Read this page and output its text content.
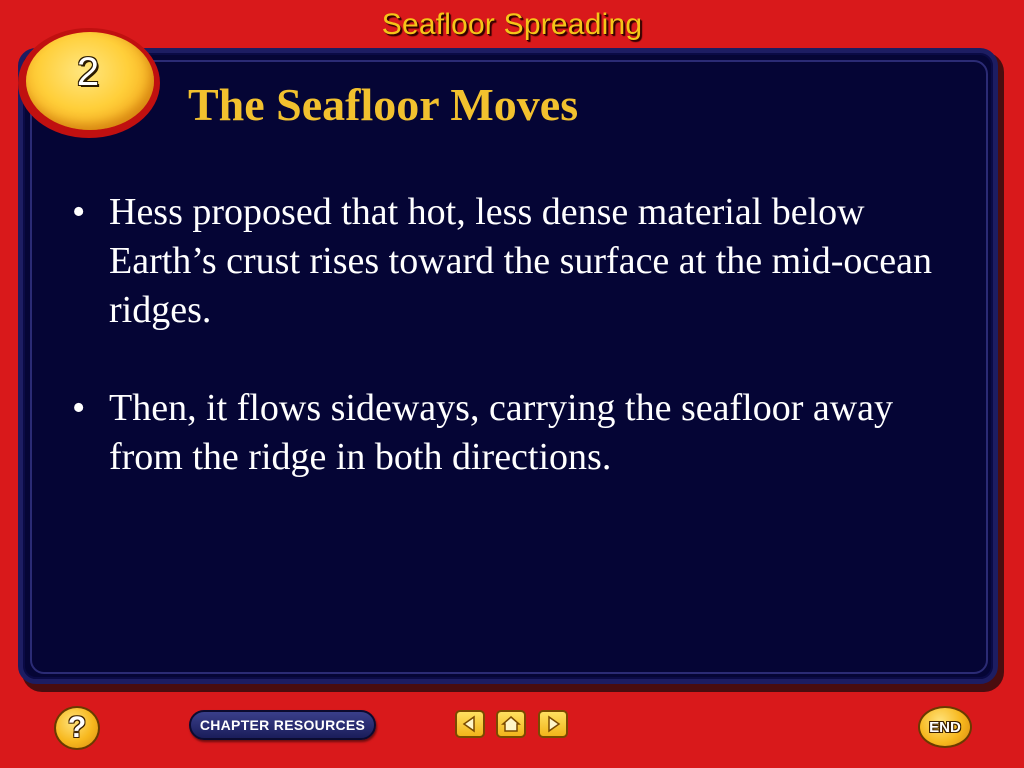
Seafloor Spreading
2
The Seafloor Moves
• Hess proposed that hot, less dense material below Earth’s crust rises toward the surface at the mid-ocean ridges.
• Then, it flows sideways, carrying the seafloor away from the ridge in both directions.
?	CHAPTER RESOURCES	END
